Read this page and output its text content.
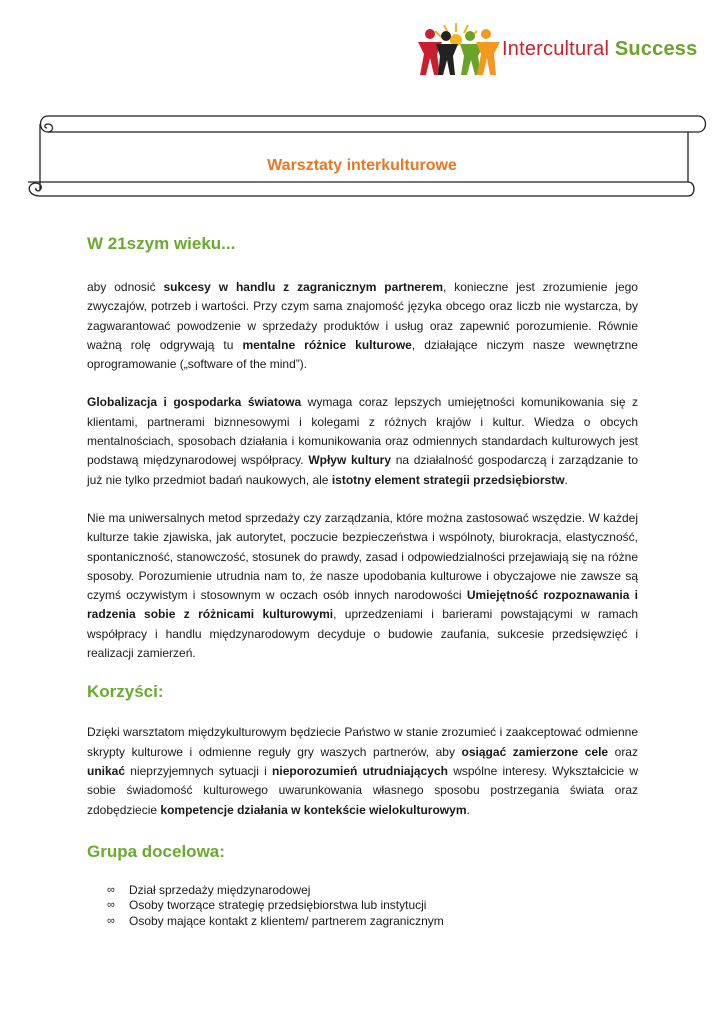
Intercultural Success
Warsztaty interkulturowe
W 21szym wieku...

aby odnosić sukcesy w handlu z zagranicznym partnerem, konieczne jest zrozumienie jego zwyczajów, potrzeb i wartości. Przy czym sama znajomość języka obcego oraz liczb nie wystarcza, by zagwarantować powodzenie w sprzedaży produktów i usług oraz zapewnić porozumienie. Równie ważną rolę odgrywają tu mentalne różnice kulturowe, działające niczym nasze wewnętrzne oprogramowanie („software of the mind”).

Globalizacja i gospodarka światowa wymaga coraz lepszych umiejętności komunikowania się z klientami, partnerami biznnesowymi i kolegami z różnych krajów i kultur. Wiedza o obcych mentalnościach, sposobach działania i komunikowania oraz odmiennych standardach kulturowych jest podstawą międzynarodowej współpracy. Wpływ kultury na działalność gospodarczą i zarządzanie to już nie tylko przedmiot badań naukowych, ale istotny element strategii przedsiębiorstw.

Nie ma uniwersalnych metod sprzedaży czy zarządzania, które można zastosować wszędzie. W każdej kulturze takie zjawiska, jak autorytet, poczucie bezpieczeństwa i wspólnoty, biurokracja, elastyczność, spontaniczność, stanowczość, stosunek do prawdy, zasad i odpowiedzialności przejawiają się na różne sposoby. Porozumienie utrudnia nam to, że nasze upodobania kulturowe i obyczajowe nie zawsze są czymś oczywistym i stosownym w oczach osób innych narodowości Umiejętność rozpoznawania i radzenia sobie z różnicami kulturowymi, uprzedzeniami i barierami powstającymi w ramach współpracy i handlu międzynarodowym decyduje o budowie zaufania, sukcesie przedsięwzięć i realizacji zamierzeń.

Korzyści:

Dzięki warsztatom międzykulturowym będziecie Państwo w stanie zrozumieć i zaakceptować odmienne skrypty kulturowe i odmienne reguły gry waszych partnerów, aby osiągać zamierzone cele oraz unikać nieprzyjemnych sytuacji i nieporozumień utrudniających wspólne interesy. Wykształcicie w sobie świadomość kulturowego uwarunkowania własnego sposobu postrzegania świata oraz zdobędziecie kompetencje działania w kontekście wielokulturowym.

Grupa docelowa:
∞ Dział sprzedaży międzynarodowej
∞ Osoby tworzące strategię przedsiębiorstwa lub instytucji
∞ Osoby mające kontakt z klientem/ partnerem zagranicznym
